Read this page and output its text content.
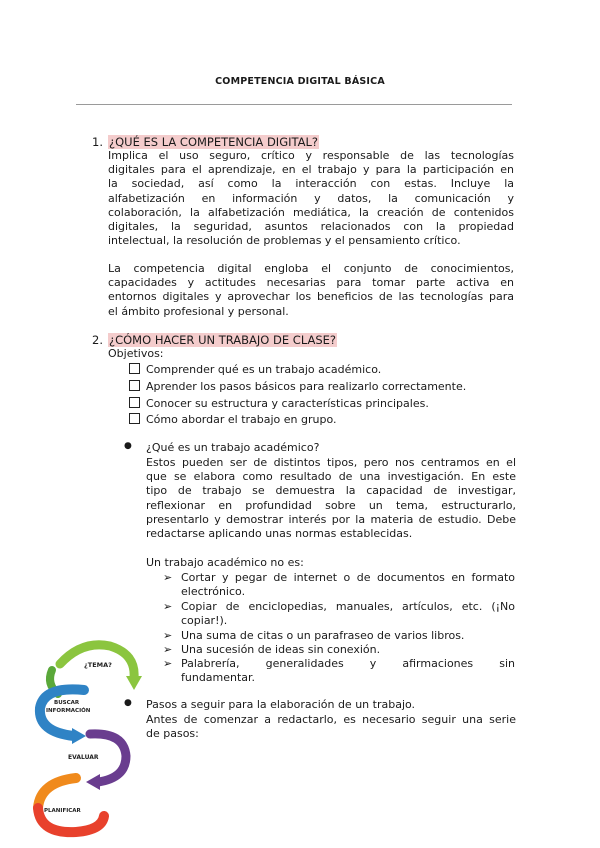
COMPETENCIA DIGITAL BÁSICA
1. ¿QUÉ ES LA COMPETENCIA DIGITAL?
Implica el uso seguro, crítico y responsable de las tecnologías
digitales para el aprendizaje, en el trabajo y para la participación en
la sociedad, así como la interacción con estas. Incluye la
alfabetización en información y datos, la comunicación y
colaboración, la alfabetización mediática, la creación de contenidos
digitales, la seguridad, asuntos relacionados con la propiedad
intelectual, la resolución de problemas y el pensamiento crítico.
La competencia digital engloba el conjunto de conocimientos,
capacidades y actitudes necesarias para tomar parte activa en
entornos digitales y aprovechar los beneficios de las tecnologías para
el ámbito profesional y personal.
2. ¿CÓMO HACER UN TRABAJO DE CLASE?
Objetivos:
Comprender qué es un trabajo académico.
Aprender los pasos básicos para realizarlo correctamente.
Conocer su estructura y características principales.
Cómo abordar el trabajo en grupo.
● ¿Qué es un trabajo académico?
Estos pueden ser de distintos tipos, pero nos centramos en el
que se elabora como resultado de una investigación. En este
tipo de trabajo se demuestra la capacidad de investigar,
reflexionar en profundidad sobre un tema, estructurarlo,
presentarlo y demostrar interés por la materia de estudio. Debe
redactarse aplicando unas normas establecidas.
Un trabajo académico no es:
➢ Cortar y pegar de internet o de documentos en formato
electrónico.
➢ Copiar de enciclopedias, manuales, artículos, etc. (¡No
copiar!).
➢ Una suma de citas o un parafraseo de varios libros.
➢ Una sucesión de ideas sin conexión.
➢ Palabrería, generalidades y afirmaciones sin
fundamentar.
● Pasos a seguir para la elaboración de un trabajo.
Antes de comenzar a redactarlo, es necesario seguir una serie
de pasos:
¿TEMA?
BUSCAR
INFORMACIÓN
EVALUAR
PLANIFICAR
